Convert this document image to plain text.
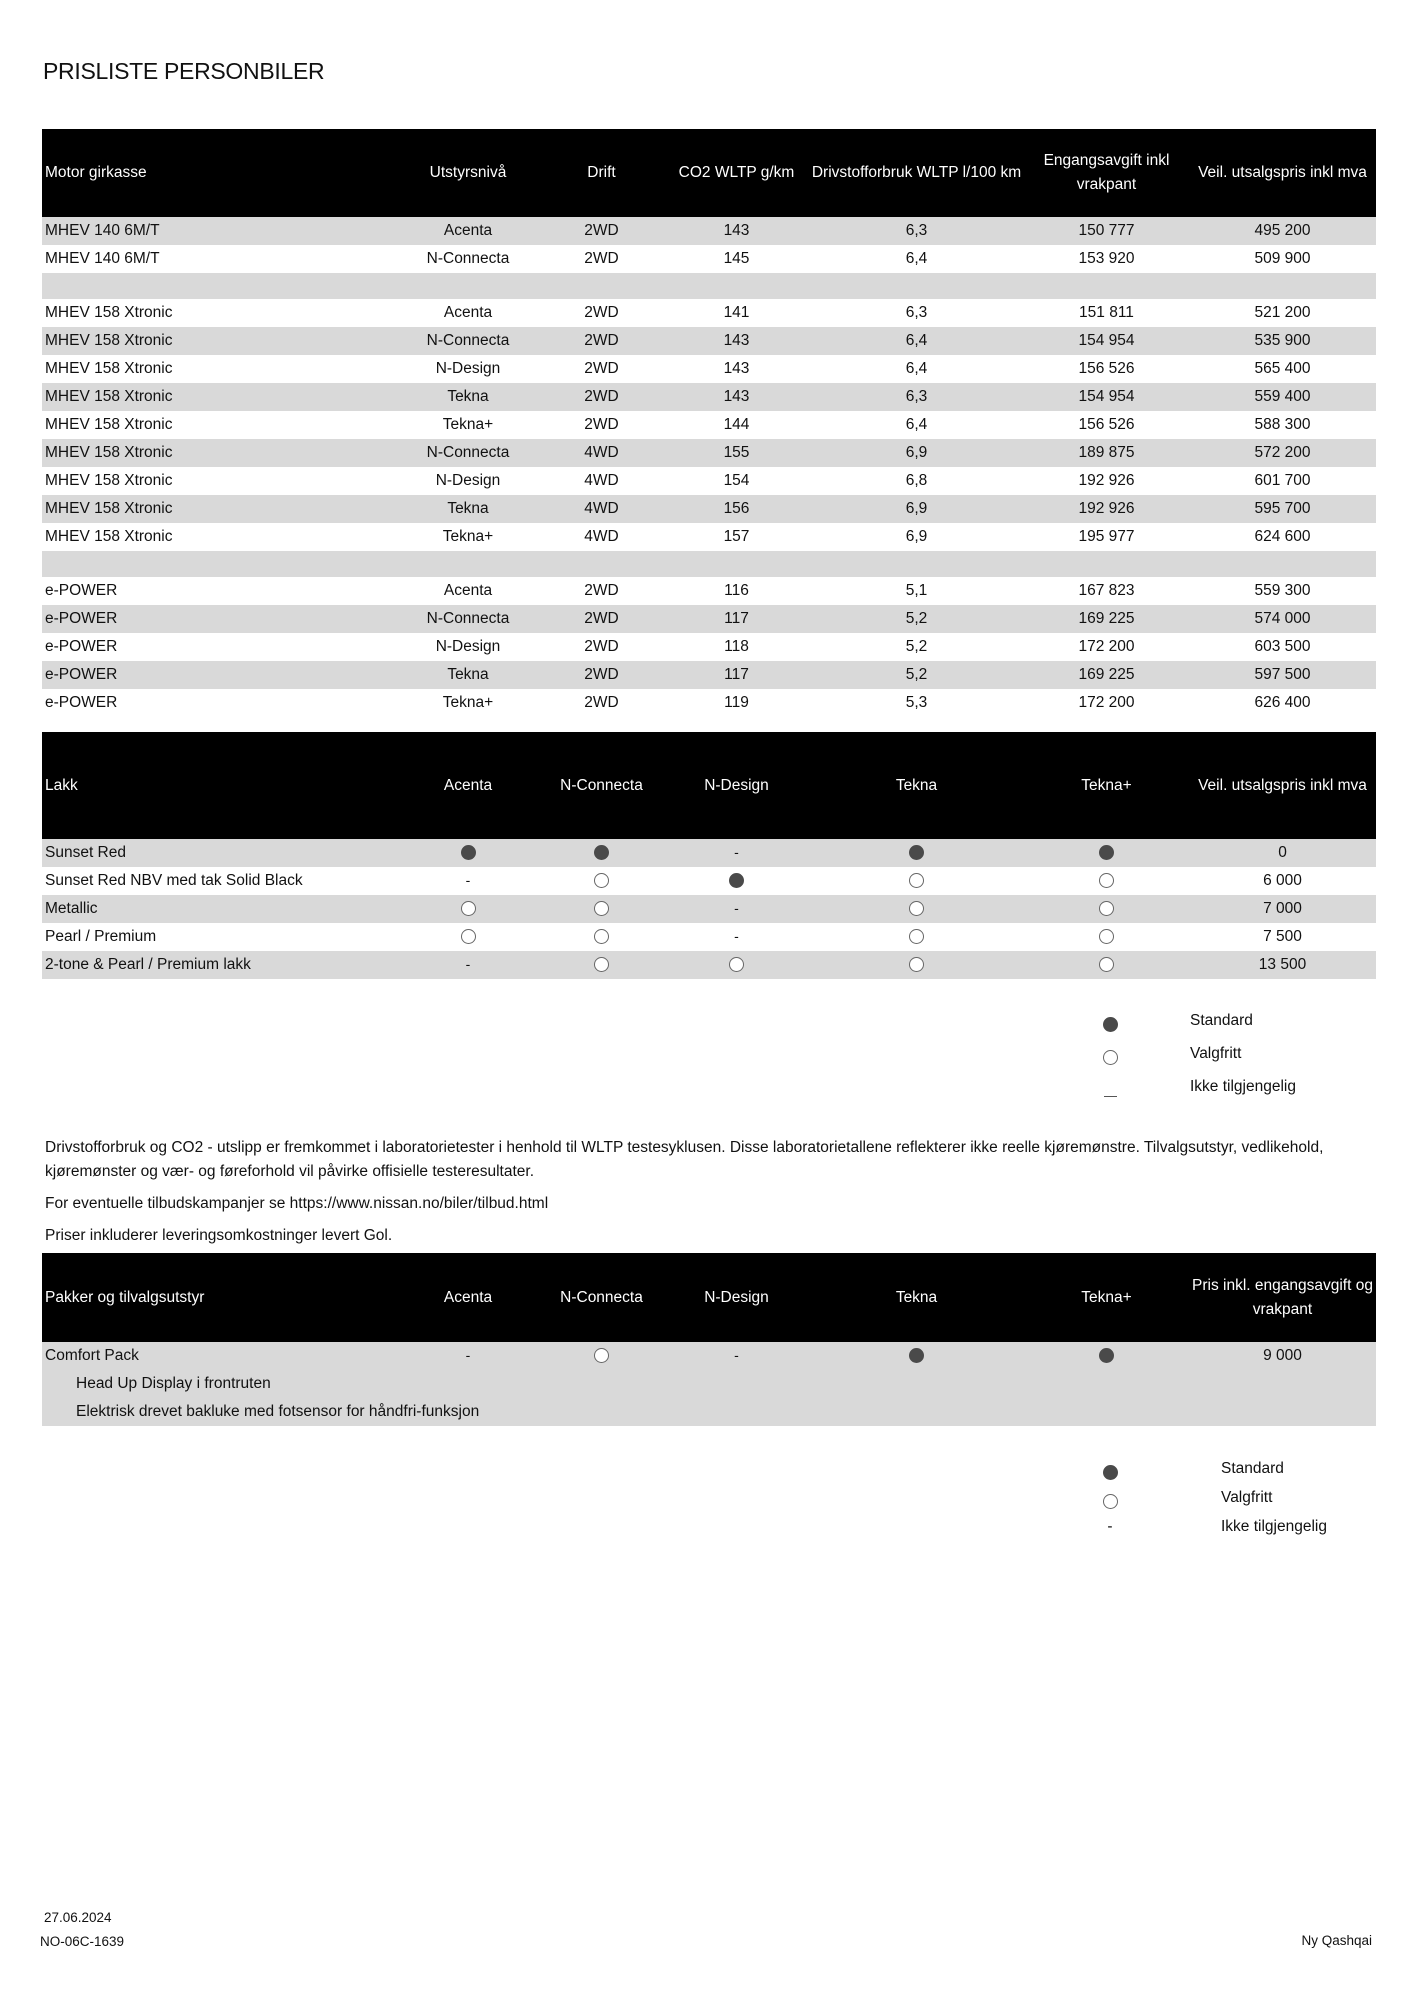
PRISLISTE PERSONBILER
Motor girkasse	Utstyrsnivå	Drift	CO2 WLTP g/km	Drivstofforbruk WLTP l/100 km	Engangsavgift inkl vrakpant	Veil. utsalgspris inkl mva
MHEV 140 6M/T	Acenta	2WD	143	6,3	150 777	495 200
MHEV 140 6M/T	N-Connecta	2WD	145	6,4	153 920	509 900

MHEV 158 Xtronic	Acenta	2WD	141	6,3	151 811	521 200
MHEV 158 Xtronic	N-Connecta	2WD	143	6,4	154 954	535 900
MHEV 158 Xtronic	N-Design	2WD	143	6,4	156 526	565 400
MHEV 158 Xtronic	Tekna	2WD	143	6,3	154 954	559 400
MHEV 158 Xtronic	Tekna+	2WD	144	6,4	156 526	588 300
MHEV 158 Xtronic	N-Connecta	4WD	155	6,9	189 875	572 200
MHEV 158 Xtronic	N-Design	4WD	154	6,8	192 926	601 700
MHEV 158 Xtronic	Tekna	4WD	156	6,9	192 926	595 700
MHEV 158 Xtronic	Tekna+	4WD	157	6,9	195 977	624 600

e-POWER	Acenta	2WD	116	5,1	167 823	559 300
e-POWER	N-Connecta	2WD	117	5,2	169 225	574 000
e-POWER	N-Design	2WD	118	5,2	172 200	603 500
e-POWER	Tekna	2WD	117	5,2	169 225	597 500
e-POWER	Tekna+	2WD	119	5,3	172 200	626 400
Lakk	Acenta	N-Connecta	N-Design	Tekna	Tekna+	Veil. utsalgspris inkl mva
Sunset Red			-			0
Sunset Red NBV med tak Solid Black	-					6 000
Metallic			-			7 000
Pearl / Premium			-			7 500
2-tone & Pearl / Premium lakk	-					13 500
Standard
Valgfritt
Ikke tilgjengelig
Drivstofforbruk og CO2 - utslipp er fremkommet i laboratorietester i henhold til WLTP testesyklusen. Disse laboratorietallene reflekterer ikke reelle kjøremønstre. Tilvalgsutstyr, vedlikehold, kjøremønster og vær- og føreforhold vil påvirke offisielle testeresultater.
For eventuelle tilbudskampanjer se https://www.nissan.no/biler/tilbud.html
Priser inkluderer leveringsomkostninger levert Gol.
Pakker og tilvalgsutstyr	Acenta	N-Connecta	N-Design	Tekna	Tekna+	Pris inkl. engangsavgift og vrakpant
Comfort Pack	-		-			9 000
Head Up Display i frontruten						
Elektrisk drevet bakluke med fotsensor for håndfri-funksjon						
Standard
Valgfritt
-	Ikke tilgjengelig
27.06.2024
NO-06C-1639	Ny Qashqai
